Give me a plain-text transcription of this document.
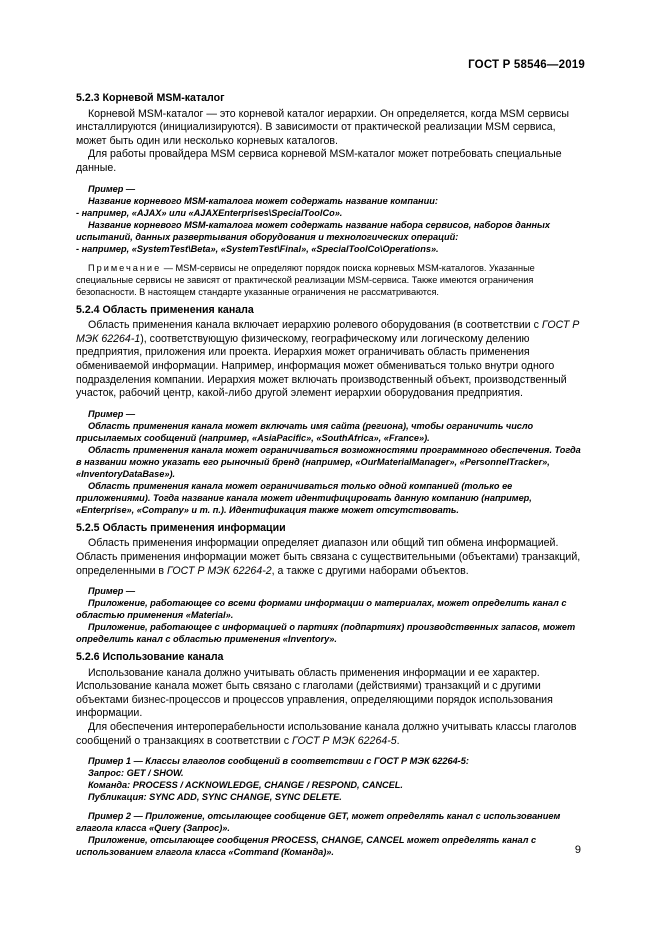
ГОСТ Р 58546—2019
5.2.3 Корневой MSM-каталог

Корневой MSM-каталог — это корневой каталог иерархии. Он определяется, когда MSM сервисы инсталлируются (инициализируются). В зависимости от практической реализации MSM сервиса, может быть один или несколько корневых каталогов.

Для работы провайдера MSM сервиса корневой MSM-каталог может потребовать специальные данные.

Пример —

Название корневого MSM-каталога может содержать название компании:

- например, «AJAX» или «AJAXEnterprises\SpecialToolCo».

Название корневого MSM-каталога может содержать название набора сервисов, наборов данных испытаний, данных развертывания оборудования и технологических операций:

- например, «SystemTest\Beta», «SystemTest\Final», «SpecialToolCo\Operations».

Примечание — MSM-сервисы не определяют порядок поиска корневых MSM-каталогов. Указанные специальные сервисы не зависят от практической реализации MSM-сервиса. Также имеются ограничения безопасности. В настоящем стандарте указанные ограничения не рассматриваются.

5.2.4 Область применения канала

Область применения канала включает иерархию ролевого оборудования (в соответствии с ГОСТ Р МЭК 62264-1), соответствующую физическому, географическому или логическому делению предприятия, приложения или проекта. Иерархия может ограничивать область применения обмениваемой информации. Например, информация может обмениваться только внутри одного подразделения компании. Иерархия может включать производственный объект, производственный участок, рабочий центр, какой-либо другой элемент иерархии оборудования предприятия.

Пример —

Область применения канала может включать имя сайта (региона), чтобы ограничить число присылаемых сообщений (например, «AsiaPacific», «SouthAfrica», «France»).

Область применения канала может ограничиваться возможностями программного обеспечения. Тогда в названии можно указать его рыночный бренд (например, «OurMaterialManager», «PersonnelTracker», «InventoryDataBase»).

Область применения канала может ограничиваться только одной компанией (только ее приложениями). Тогда название канала может идентифицировать данную компанию (например, «Enterprise», «Company» и т. п.). Идентификация также может отсутствовать.

5.2.5 Область применения информации

Область применения информации определяет диапазон или общий тип обмена информацией. Область применения информации может быть связана с существительными (объектами) транзакций, определенными в ГОСТ Р МЭК 62264-2, а также с другими наборами объектов.

Пример —

Приложение, работающее со всеми формами информации о материалах, может определить канал с областью применения «Material».

Приложение, работающее с информацией о партиях (подпартиях) производственных запасов, может определить канал с областью применения «Inventory».

5.2.6 Использование канала

Использование канала должно учитывать область применения информации и ее характер. Использование канала может быть связано с глаголами (действиями) транзакций и с другими объектами бизнес-процессов и процессов управления, определяющими порядок использования информации.

Для обеспечения интероперабельности использование канала должно учитывать классы глаголов сообщений о транзакциях в соответствии с ГОСТ Р МЭК 62264-5.

Пример 1 — Классы глаголов сообщений в соответствии с ГОСТ Р МЭК 62264-5:

Запрос: GET / SHOW.

Команда: PROCESS / ACKNOWLEDGE, CHANGE / RESPOND, CANCEL.

Публикация: SYNC ADD, SYNC CHANGE, SYNC DELETE.

Пример 2 — Приложение, отсылающее сообщение GET, может определять канал с использованием глагола класса «Query (Запрос)».

Приложение, отсылающее сообщения PROCESS, CHANGE, CANCEL может определять канал с использованием глагола класса «Command (Команда)».	9
